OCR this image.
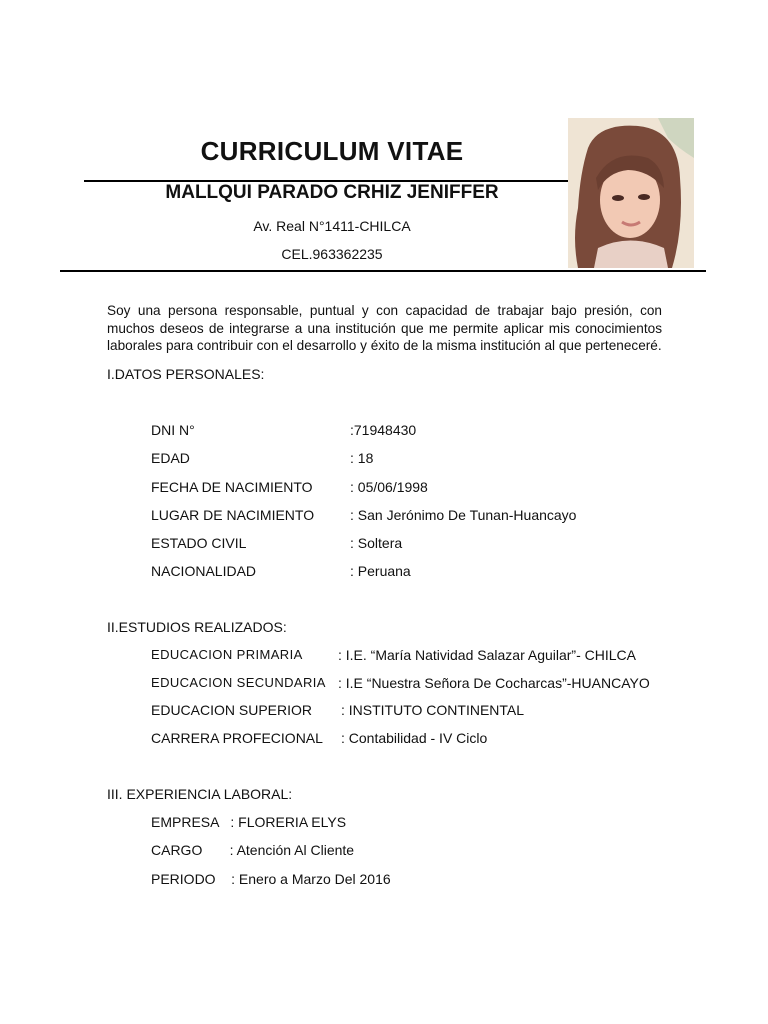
CURRICULUM VITAE
MALLQUI PARADO CRHIZ JENIFFER
Av. Real N°1411-CHILCA
CEL.963362235
Soy una persona responsable, puntual y con capacidad de trabajar bajo presión, con muchos deseos de integrarse a una institución que me permite aplicar mis conocimientos laborales para contribuir con el desarrollo y éxito de la misma institución al que perteneceré.
I.DATOS PERSONALES:
DNI N°	:71948430
EDAD	: 18
FECHA DE NACIMIENTO	: 05/06/1998
LUGAR DE NACIMIENTO	: San Jerónimo De Tunan-Huancayo
ESTADO CIVIL	: Soltera
NACIONALIDAD	: Peruana
II.ESTUDIOS REALIZADOS:
EDUCACION PRIMARIA	: I.E. “María Natividad Salazar Aguilar”- CHILCA
EDUCACION SECUNDARIA : I.E “Nuestra Señora De Cocharcas”-HUANCAYO
EDUCACION SUPERIOR : INSTITUTO CONTINENTAL
CARRERA PROFECIONAL : Contabilidad - IV Ciclo
III. EXPERIENCIA LABORAL:
EMPRESA   : FLORERIA ELYS
CARGO       : Atención Al Cliente
PERIODO    : Enero a Marzo Del 2016
